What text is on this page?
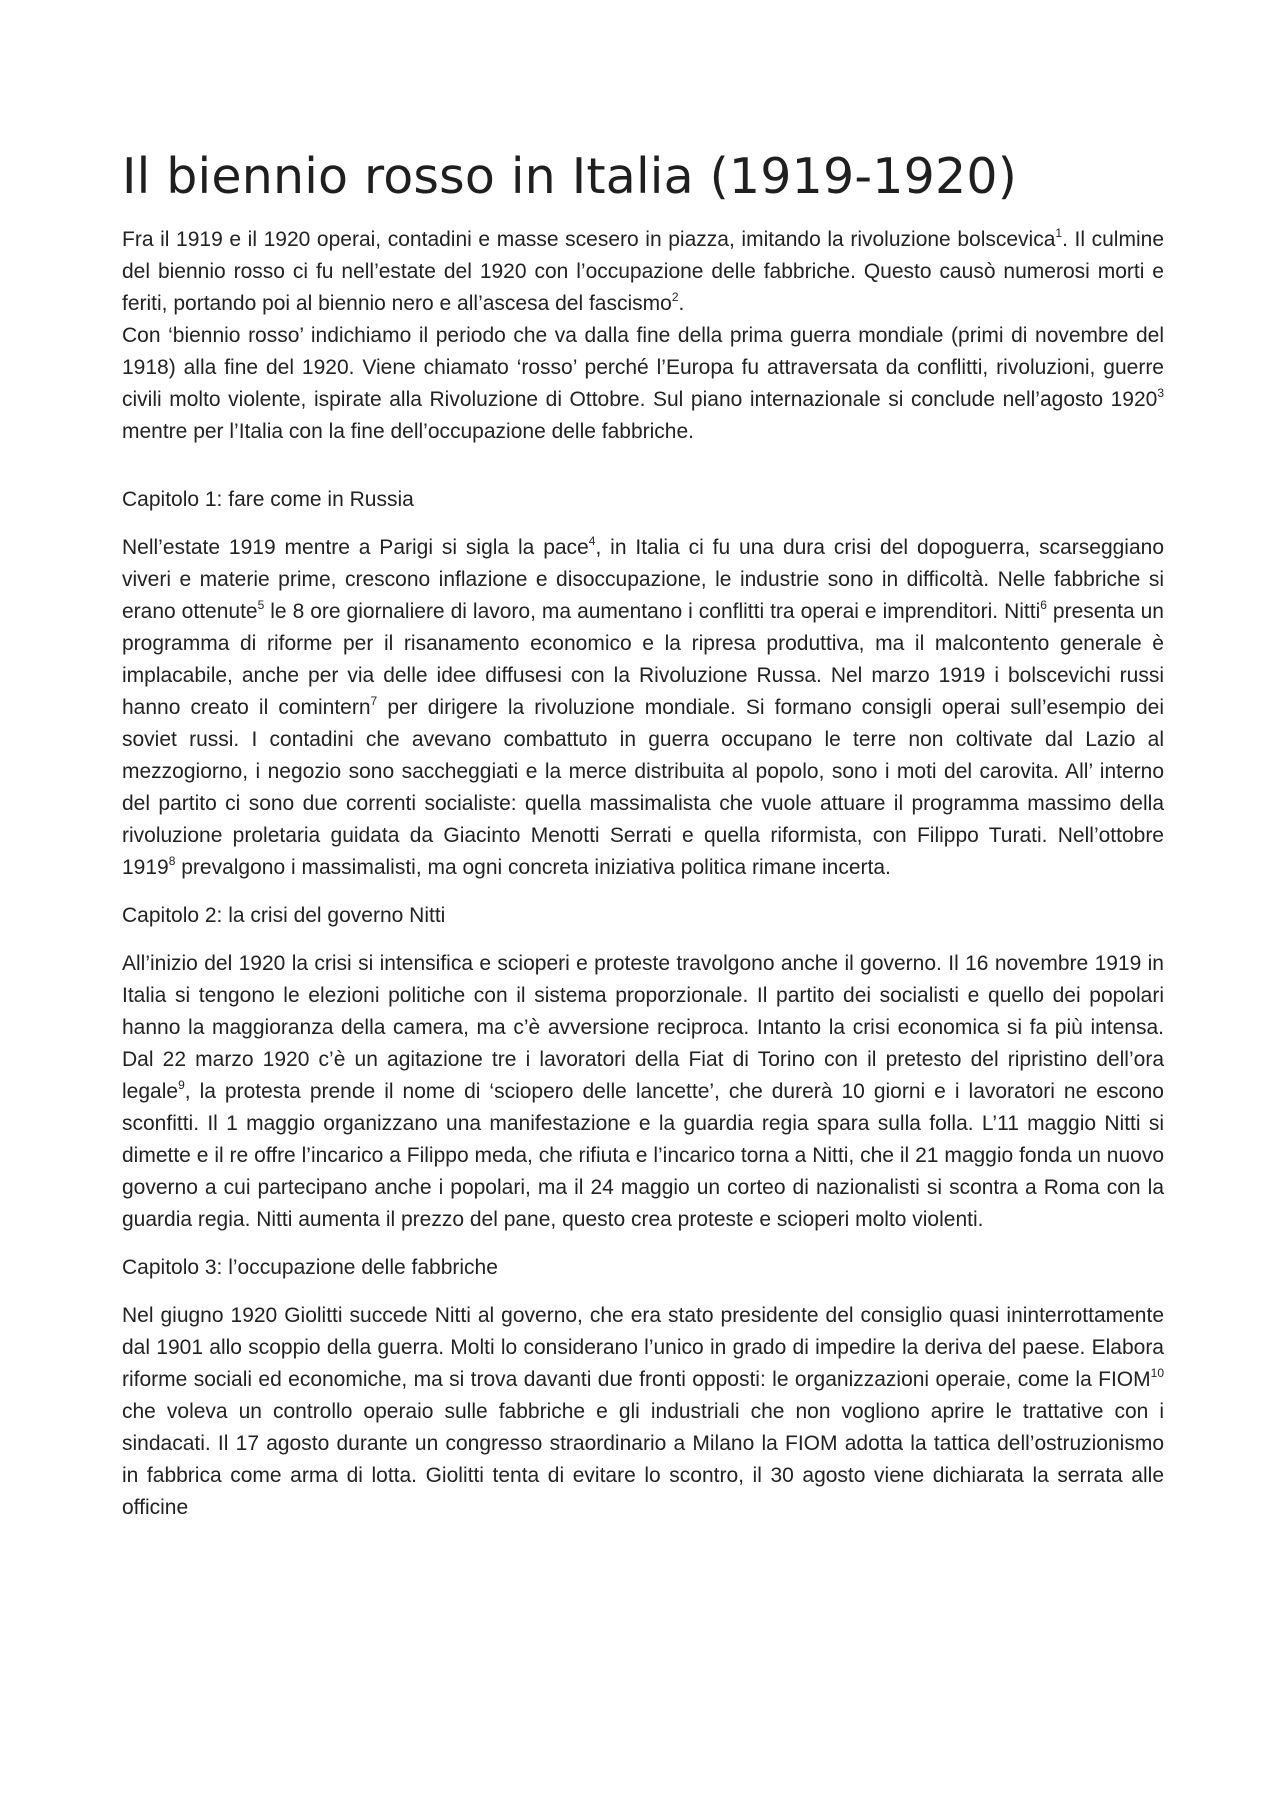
Il biennio rosso in Italia (1919-1920)

Fra il 1919 e il 1920 operai, contadini e masse scesero in piazza, imitando la rivoluzione bolscevica$^1$. Il culmine del biennio rosso ci fu nell’estate del 1920 con l’occupazione delle fabbriche. Questo causò numerosi morti e feriti, portando poi al biennio nero e all’ascesa del fascismo$^2$.

Con ‘biennio rosso’ indichiamo il periodo che va dalla fine della prima guerra mondiale (primi di novembre del 1918) alla fine del 1920. Viene chiamato ‘rosso’ perché l’Europa fu attraversata da conflitti, rivoluzioni, guerre civili molto violente, ispirate alla Rivoluzione di Ottobre. Sul piano internazionale si conclude nell’agosto 1920$^3$ mentre per l’Italia con la fine dell’occupazione delle fabbriche.

Capitolo 1: fare come in Russia

Nell’estate 1919 mentre a Parigi si sigla la pace$^4$, in Italia ci fu una dura crisi del dopoguerra, scarseggiano viveri e materie prime, crescono inflazione e disoccupazione, le industrie sono in difficoltà. Nelle fabbriche si erano ottenute$^5$ le 8 ore giornaliere di lavoro, ma aumentano i conflitti tra operai e imprenditori. Nitti$^6$ presenta un programma di riforme per il risanamento economico e la ripresa produttiva, ma il malcontento generale è implacabile, anche per via delle idee diffusesi con la Rivoluzione Russa. Nel marzo 1919 i bolscevichi russi hanno creato il comintern$^7$ per dirigere la rivoluzione mondiale. Si formano consigli operai sull’esempio dei soviet russi. I contadini che avevano combattuto in guerra occupano le terre non coltivate dal Lazio al mezzogiorno, i negozio sono saccheggiati e la merce distribuita al popolo, sono i moti del carovita. All’ interno del partito ci sono due correnti socialiste: quella massimalista che vuole attuare il programma massimo della rivoluzione proletaria guidata da Giacinto Menotti Serrati e quella riformista, con Filippo Turati. Nell’ottobre 1919$^8$ prevalgono i massimalisti, ma ogni concreta iniziativa politica rimane incerta.

Capitolo 2: la crisi del governo Nitti

All’inizio del 1920 la crisi si intensifica e scioperi e proteste travolgono anche il governo. Il 16 novembre 1919 in Italia si tengono le elezioni politiche con il sistema proporzionale. Il partito dei socialisti e quello dei popolari hanno la maggioranza della camera, ma c’è avversione reciproca. Intanto la crisi economica si fa più intensa. Dal 22 marzo 1920 c’è un agitazione tre i lavoratori della Fiat di Torino con il pretesto del ripristino dell’ora legale$^9$, la protesta prende il nome di ‘sciopero delle lancette’, che durerà 10 giorni e i lavoratori ne escono sconfitti. Il 1 maggio organizzano una manifestazione e la guardia regia spara sulla folla. L’11 maggio Nitti si dimette e il re offre l’incarico a Filippo meda, che rifiuta e l’incarico torna a Nitti, che il 21 maggio fonda un nuovo governo a cui partecipano anche i popolari, ma il 24 maggio un corteo di nazionalisti si scontra a Roma con la guardia regia. Nitti aumenta il prezzo del pane, questo crea proteste e scioperi molto violenti.

Capitolo 3: l’occupazione delle fabbriche

Nel giugno 1920 Giolitti succede Nitti al governo, che era stato presidente del consiglio quasi ininterrottamente dal 1901 allo scoppio della guerra. Molti lo considerano l’unico in grado di impedire la deriva del paese. Elabora riforme sociali ed economiche, ma si trova davanti due fronti opposti: le organizzazioni operaie, come la FIOM$^{10}$ che voleva un controllo operaio sulle fabbriche e gli industriali che non vogliono aprire le trattative con i sindacati. Il 17 agosto durante un congresso straordinario a Milano la FIOM adotta la tattica dell’ostruzionismo in fabbrica come arma di lotta. Giolitti tenta di evitare lo scontro, il 30 agosto viene dichiarata la serrata alle officine
